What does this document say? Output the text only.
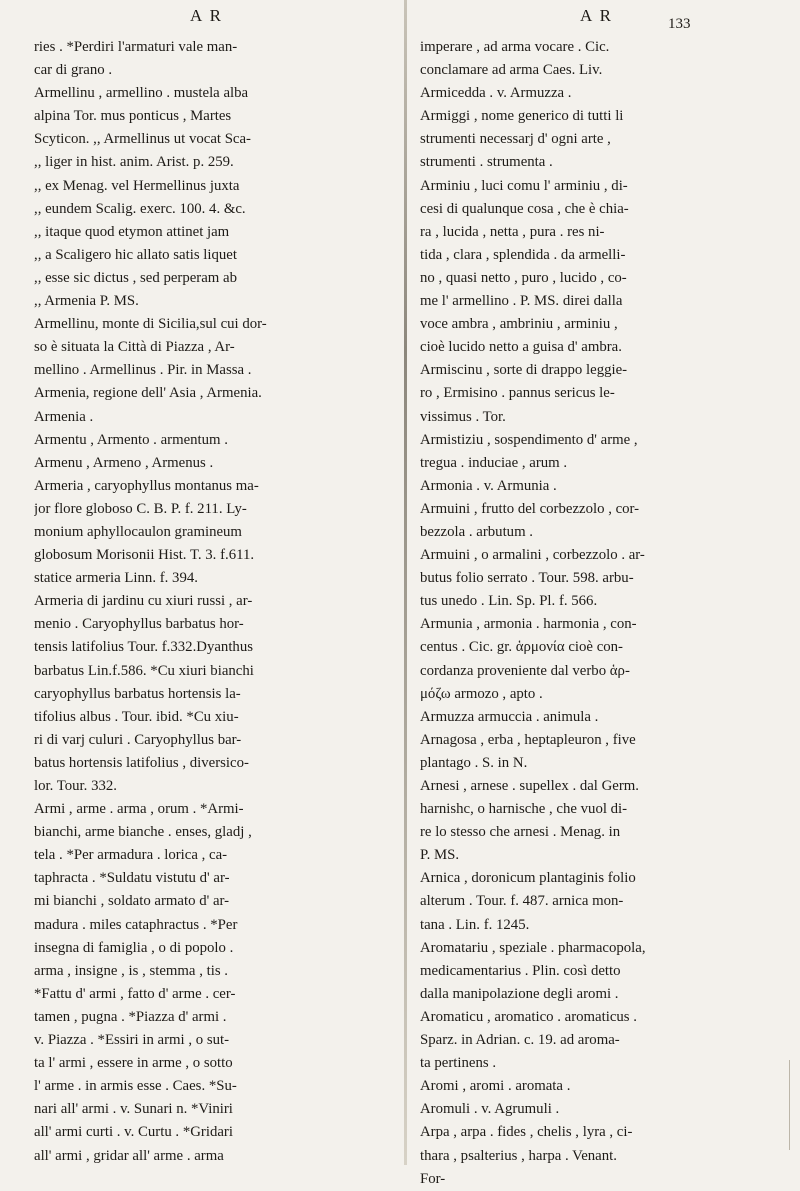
A R	A R	133
ries . *Perdiri l'armaturi vale man-
car di grano .
Armellinu , armellino . mustela alba
alpina Tor. mus ponticus , Martes
Scyticon. ,, Armellinus ut vocat Sca-
,, liger in hist. anim. Arist. p. 259.
,, ex Menag. vel Hermellinus juxta
,, eundem Scalig. exerc. 100. 4. &c.
,, itaque quod etymon attinet jam
,, a Scaligero hic allato satis liquet
,, esse sic dictus , sed perperam ab
,, Armenia P. MS.
Armellinu, monte di Sicilia,sul cui dor-
so è situata la Città di Piazza , Ar-
mellino . Armellinus . Pir. in Massa .
Armenia, regione dell' Asia , Armenia.
Armenia .
Armentu , Armento . armentum .
Armenu , Armeno , Armenus .
Armeria , caryophyllus montanus ma-
jor flore globoso C. B. P. f. 211. Ly-
monium aphyllocaulon gramineum
globosum Morisonii Hist. T. 3. f.611.
statice armeria Linn. f. 394.
Armeria di jardinu cu xiuri russi , ar-
menio . Caryophyllus barbatus hor-
tensis latifolius Tour. f.332.Dyanthus
barbatus Lin.f.586. *Cu xiuri bianchi
caryophyllus barbatus hortensis la-
tifolius albus . Tour. ibid. *Cu xiu-
ri di varj culuri . Caryophyllus bar-
batus hortensis latifolius , diversico-
lor. Tour. 332.
Armi , arme . arma , orum . *Armi-
bianchi, arme bianche . enses, gladj ,
tela . *Per armadura . lorica , ca-
taphracta . *Suldatu vistutu d' ar-
mi bianchi , soldato armato d' ar-
madura . miles cataphractus . *Per
insegna di famiglia , o di popolo .
arma , insigne , is , stemma , tis .
*Fattu d' armi , fatto d' arme . cer-
tamen , pugna . *Piazza d' armi .
v. Piazza . *Essiri in armi , o sut-
ta l' armi , essere in arme , o sotto
l' arme . in armis esse . Caes. *Su-
nari all' armi . v. Sunari n. *Viniri
all' armi curti . v. Curtu . *Gridari
all' armi , gridar all' arme . arma
imperare , ad arma vocare . Cic.
conclamare ad arma Caes. Liv.
Armicedda . v. Armuzza .
Armiggi , nome generico di tutti li
strumenti necessarj d' ogni arte ,
strumenti . strumenta .
Arminiu , luci comu l' arminiu , di-
cesi di qualunque cosa , che è chia-
ra , lucida , netta , pura . res ni-
tida , clara , splendida . da armelli-
no , quasi netto , puro , lucido , co-
me l' armellino . P. MS. direi dalla
voce ambra , ambriniu , arminiu ,
cioè lucido netto a guisa d' ambra.
Armiscinu , sorte di drappo leggie-
ro , Ermisino . pannus sericus le-
vissimus . Tor.
Armistiziu , sospendimento d' arme ,
tregua . induciae , arum .
Armonia . v. Armunia .
Armuini , frutto del corbezzolo , cor-
bezzola . arbutum .
Armuini , o armalini , corbezzolo . ar-
butus folio serrato . Tour. 598. arbu-
tus unedo . Lin. Sp. Pl. f. 566.
Armunia , armonia . harmonia , con-
centus . Cic. gr. ἁρμονία cioè con-
cordanza proveniente dal verbo ἁρ-
μόζω armozo , apto .
Armuzza armuccia . animula .
Arnagosa , erba , heptapleuron , five
plantago . S. in N.
Arnesi , arnese . supellex . dal Germ.
harnishc, o harnische , che vuol di-
re lo stesso che arnesi . Menag. in
P. MS.
Arnica , doronicum plantaginis folio
alterum . Tour. f. 487. arnica mon-
tana . Lin. f. 1245.
Aromatariu , speziale . pharmacopola,
medicamentarius . Plin. così detto
dalla manipolazione degli aromi .
Aromaticu , aromatico . aromaticus .
Sparz. in Adrian. c. 19. ad aroma-
ta pertinens .
Aromi , aromi . aromata .
Aromuli . v. Agrumuli .
Arpa , arpa . fides , chelis , lyra , ci-
thara , psalterius , harpa . Venant.
For-
